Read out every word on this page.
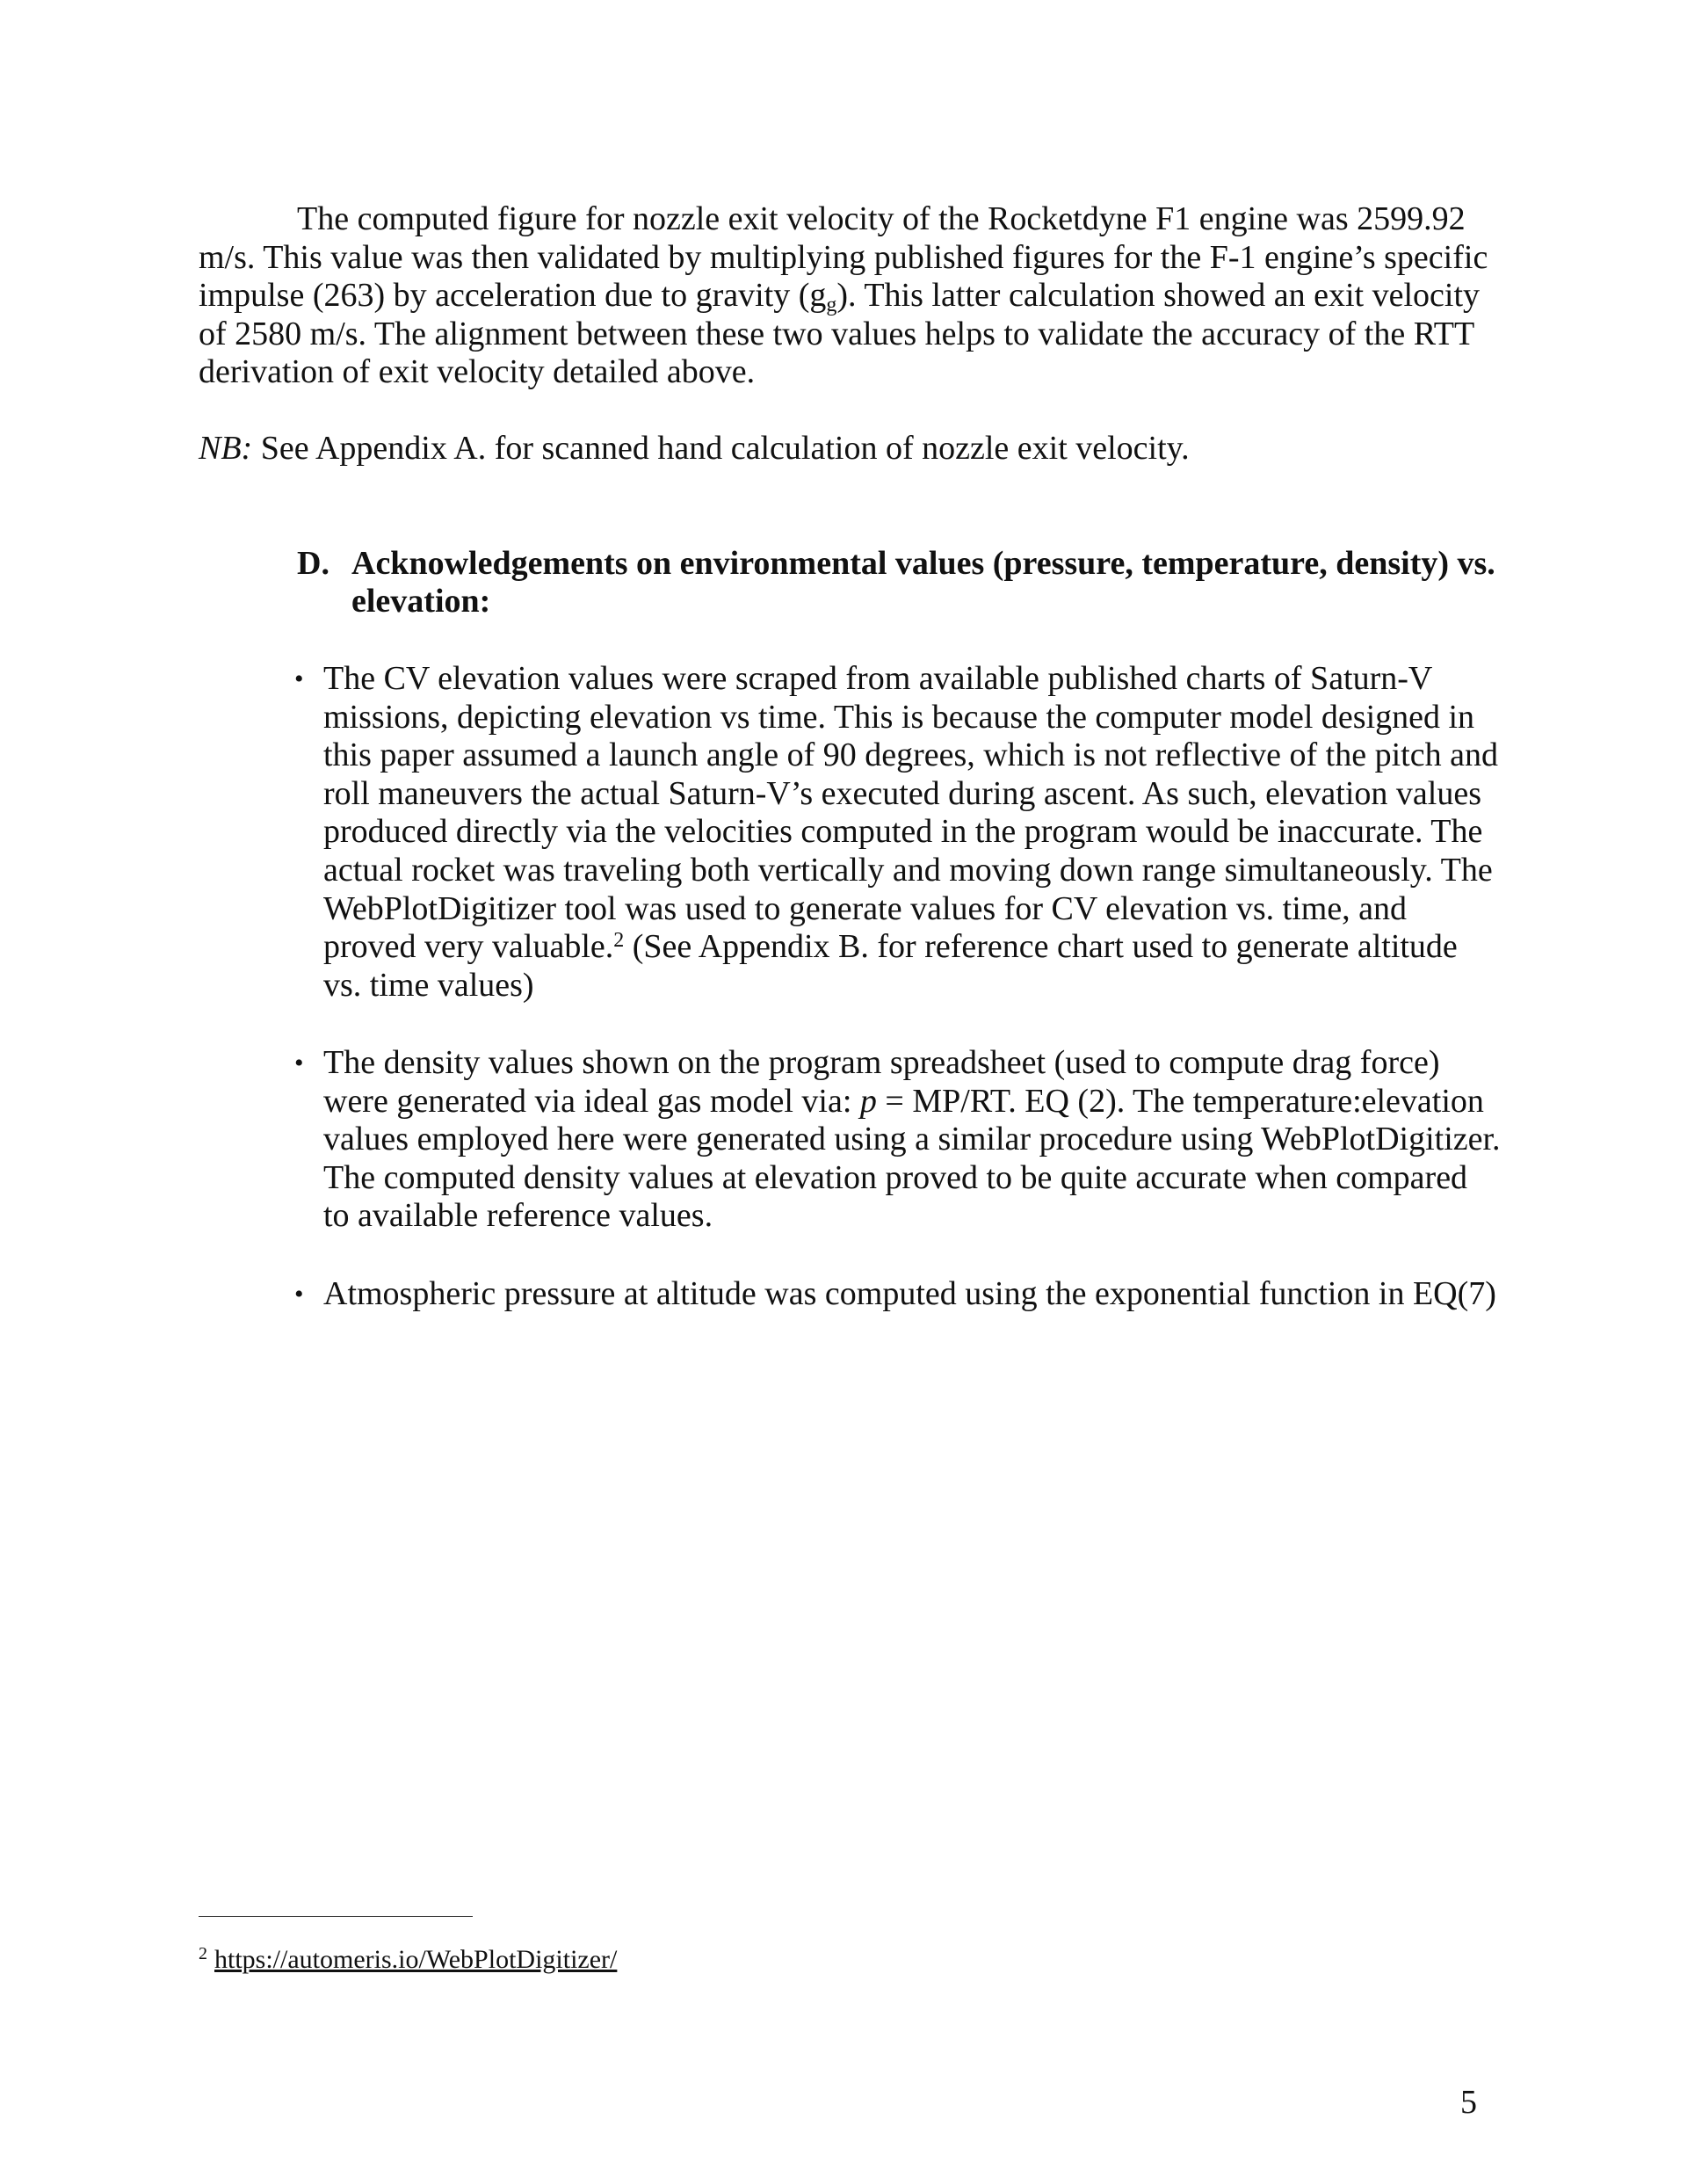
The computed figure for nozzle exit velocity of the Rocketdyne F1 engine was 2599.92 m/s. This value was then validated by multiplying published figures for the F-1 engine’s specific impulse (263) by acceleration due to gravity $(g_g)$. This latter calculation showed an exit velocity of 2580 m/s. The alignment between these two values helps to validate the accuracy of the RTT derivation of exit velocity detailed above.

NB: See Appendix A. for scanned hand calculation of nozzle exit velocity.

D. Acknowledgements on environmental values (pressure, temperature, density) vs. elevation:

• The CV elevation values were scraped from available published charts of Saturn-V missions, depicting elevation vs time. This is because the computer model designed in this paper assumed a launch angle of 90 degrees, which is not reflective of the pitch and roll maneuvers the actual Saturn-V’s executed during ascent. As such, elevation values produced directly via the velocities computed in the program would be inaccurate. The actual rocket was traveling both vertically and moving down range simultaneously. The WebPlotDigitizer tool was used to generate values for CV elevation vs. time, and proved very valuable.$^2$ (See Appendix B. for reference chart used to generate altitude vs. time values)

• The density values shown on the program spreadsheet (used to compute drag force) were generated via ideal gas model via: p = MP/RT. EQ (2). The temperature:elevation values employed here were generated using a similar procedure using WebPlotDigitizer. The computed density values at elevation proved to be quite accurate when compared to available reference values.

• Atmospheric pressure at altitude was computed using the exponential function in EQ(7)

$^2$ https://automeris.io/WebPlotDigitizer/

5
